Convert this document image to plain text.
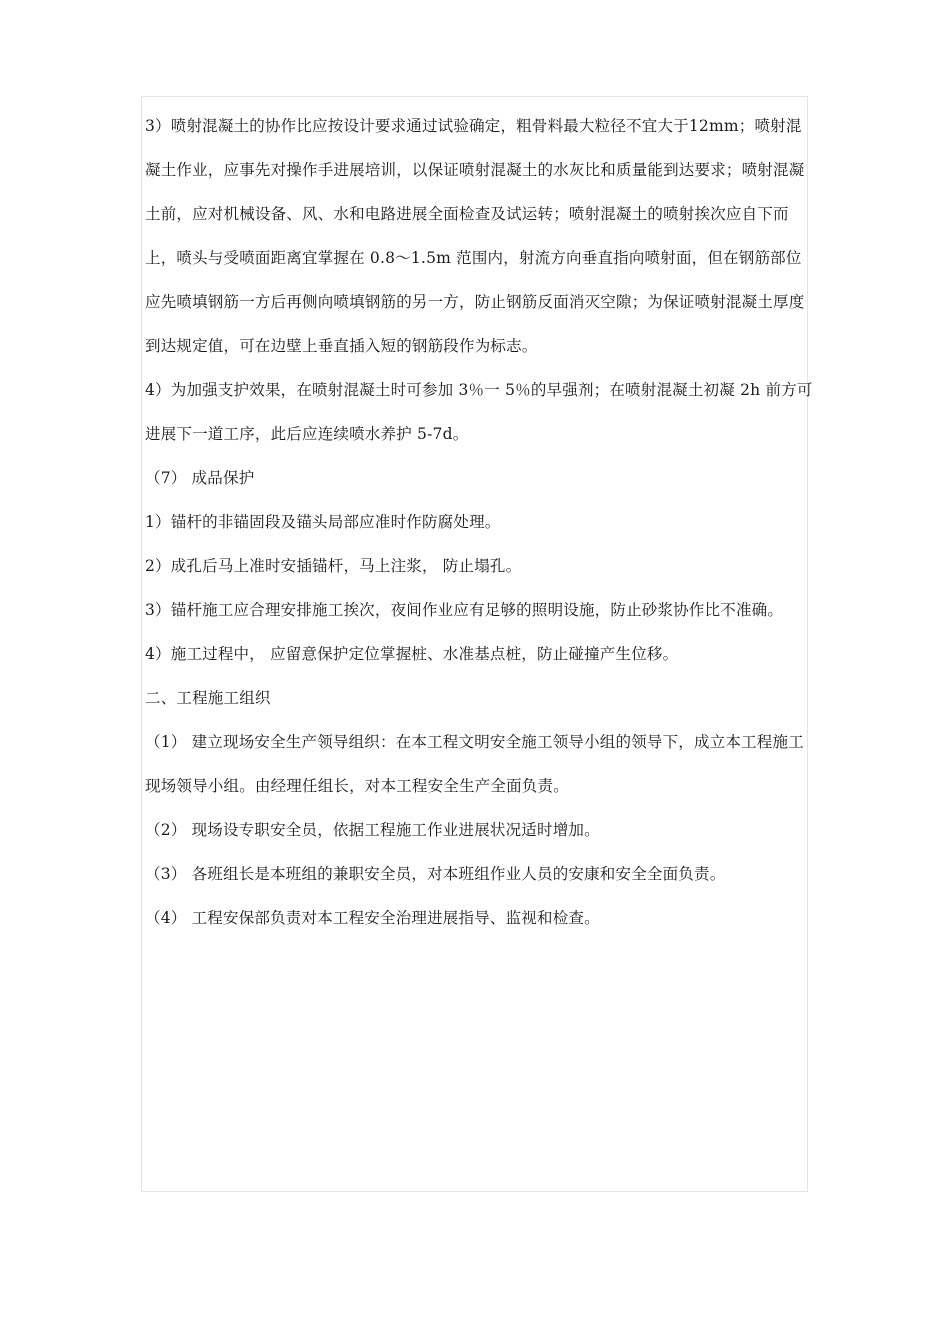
3）喷射混凝土的协作比应按设计要求通过试验确定，粗骨料最大粒径不宜大于12mm；喷射混凝土作业，应事先对操作手进展培训，以保证喷射混凝土的水灰比和质量能到达要求；喷射混凝土前，应对机械设备、风、水和电路进展全面检查及试运转；喷射混凝土的喷射挨次应自下而上，喷头与受喷面距离宜掌握在 0.8～1.5m 范围内，射流方向垂直指向喷射面，但在钢筋部位应先喷填钢筋一方后再侧向喷填钢筋的另一方，防止钢筋反面消灭空隙；为保证喷射混凝土厚度到达规定值，可在边壁上垂直插入短的钢筋段作为标志。

4）为加强支护效果，在喷射混凝土时可参加 3％一 5％的早强剂；在喷射混凝土初凝 2h 前方可进展下一道工序，此后应连续喷水养护 5-7d。

（7） 成品保护

1）锚杆的非锚固段及锚头局部应准时作防腐处理。

2）成孔后马上准时安插锚杆，马上注浆， 防止塌孔。

3）锚杆施工应合理安排施工挨次，夜间作业应有足够的照明设施，防止砂浆协作比不准确。

4）施工过程中， 应留意保护定位掌握桩、水准基点桩，防止碰撞产生位移。

二、工程施工组织

（1） 建立现场安全生产领导组织：在本工程文明安全施工领导小组的领导下，成立本工程施工现场领导小组。由经理任组长，对本工程安全生产全面负责。

（2） 现场设专职安全员，依据工程施工作业进展状况适时增加。

（3） 各班组长是本班组的兼职安全员，对本班组作业人员的安康和安全全面负责。

（4） 工程安保部负责对本工程安全治理进展指导、监视和检查。
